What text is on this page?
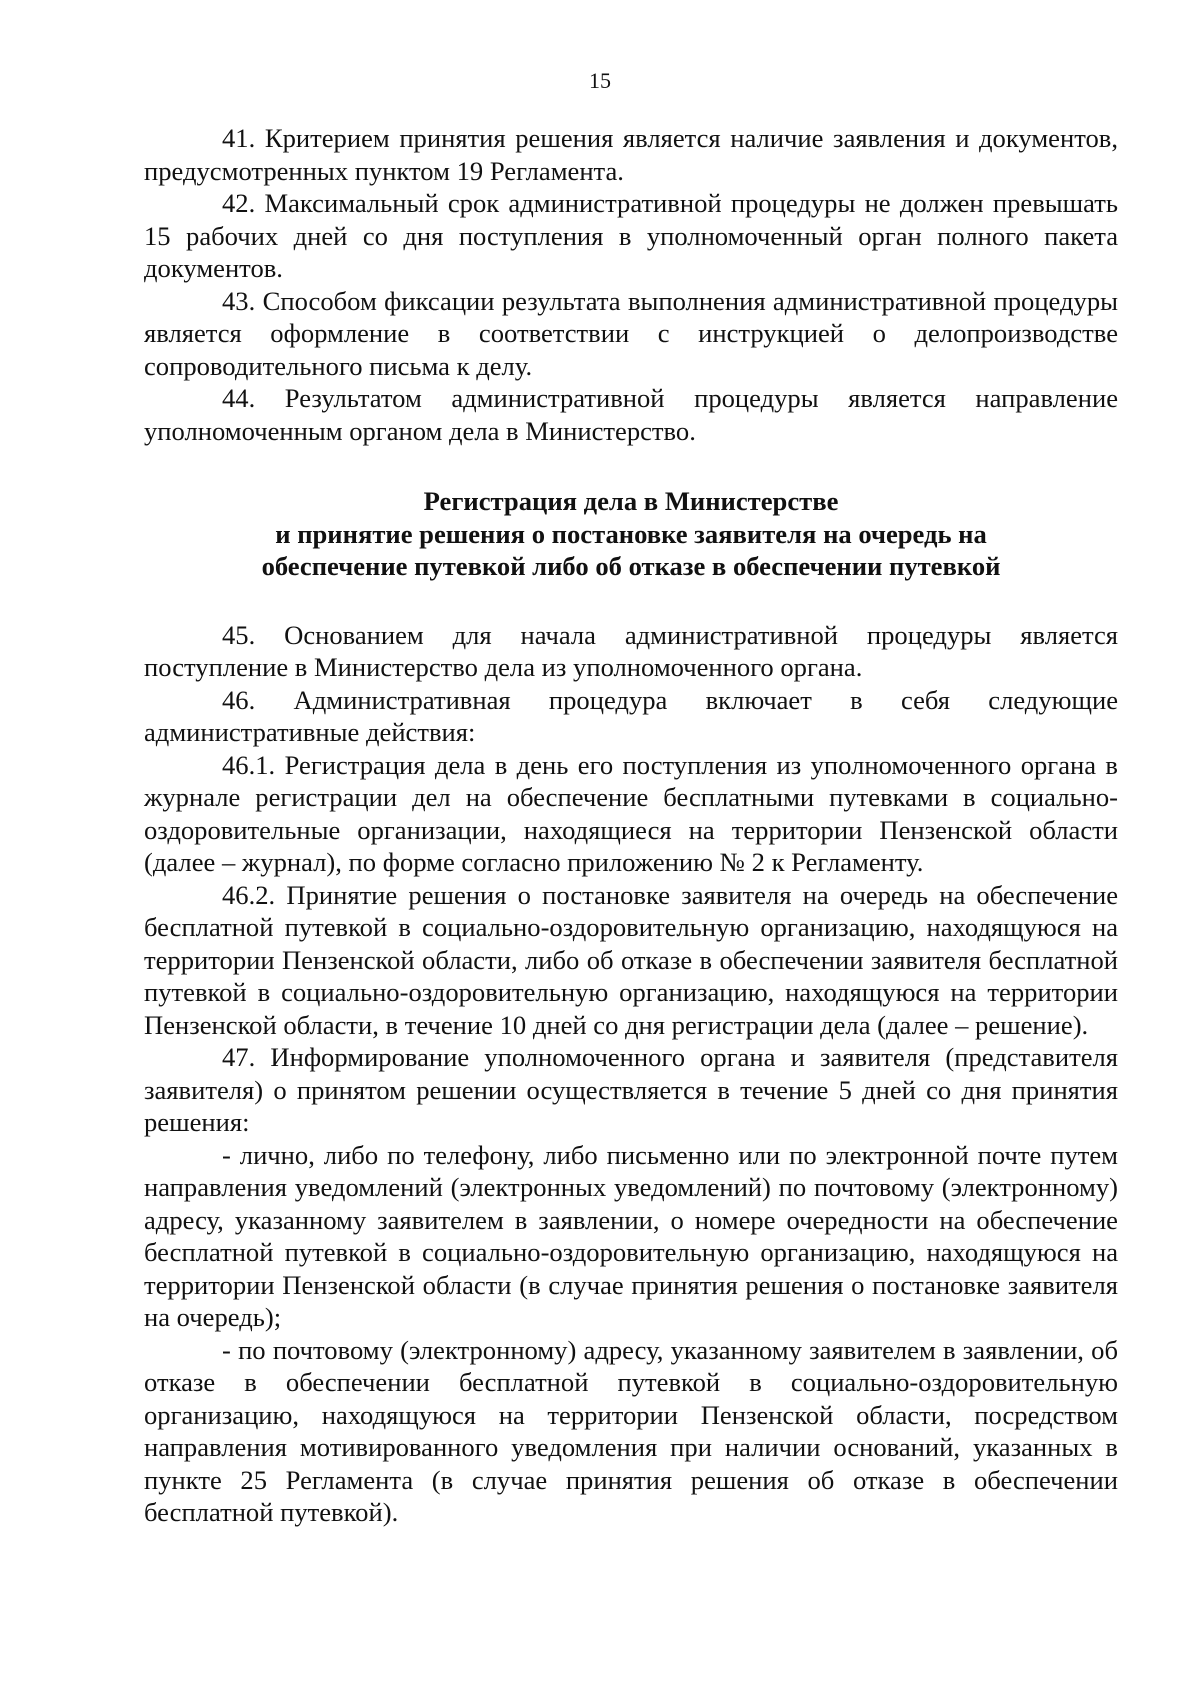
15

41. Критерием принятия решения является наличие заявления и документов, предусмотренных пунктом 19 Регламента.

42. Максимальный срок административной процедуры не должен превышать 15 рабочих дней со дня поступления в уполномоченный орган полного пакета документов.

43. Способом фиксации результата выполнения административной процедуры является оформление в соответствии с инструкцией о делопроизводстве сопроводительного письма к делу.

44. Результатом административной процедуры является направление уполномоченным органом дела в Министерство.

Регистрация дела в Министерстве
и принятие решения о постановке заявителя на очередь на
обеспечение путевкой либо об отказе в обеспечении путевкой

45. Основанием для начала административной процедуры является поступление в Министерство дела из уполномоченного органа.

46. Административная процедура включает в себя следующие административные действия:

46.1. Регистрация дела в день его поступления из уполномоченного органа в журнале регистрации дел на обеспечение бесплатными путевками в социально-оздоровительные организации, находящиеся на территории Пензенской области (далее – журнал), по форме согласно приложению № 2 к Регламенту.

46.2. Принятие решения о постановке заявителя на очередь на обеспечение бесплатной путевкой в социально-оздоровительную организацию, находящуюся на территории Пензенской области, либо об отказе в обеспечении заявителя бесплатной путевкой в социально-оздоровительную организацию, находящуюся на территории Пензенской области, в течение 10 дней со дня регистрации дела (далее – решение).

47. Информирование уполномоченного органа и заявителя (представителя заявителя) о принятом решении осуществляется в течение 5 дней со дня принятия решения:

- лично, либо по телефону, либо письменно или по электронной почте путем направления уведомлений (электронных уведомлений) по почтовому (электронному) адресу, указанному заявителем в заявлении, о номере очередности на обеспечение бесплатной путевкой в социально-оздоровительную организацию, находящуюся на территории Пензенской области (в случае принятия решения о постановке заявителя на очередь);

- по почтовому (электронному) адресу, указанному заявителем в заявлении, об отказе в обеспечении бесплатной путевкой в социально-оздоровительную организацию, находящуюся на территории Пензенской области, посредством направления мотивированного уведомления при наличии оснований, указанных в пункте 25 Регламента (в случае принятия решения об отказе в обеспечении бесплатной путевкой).
